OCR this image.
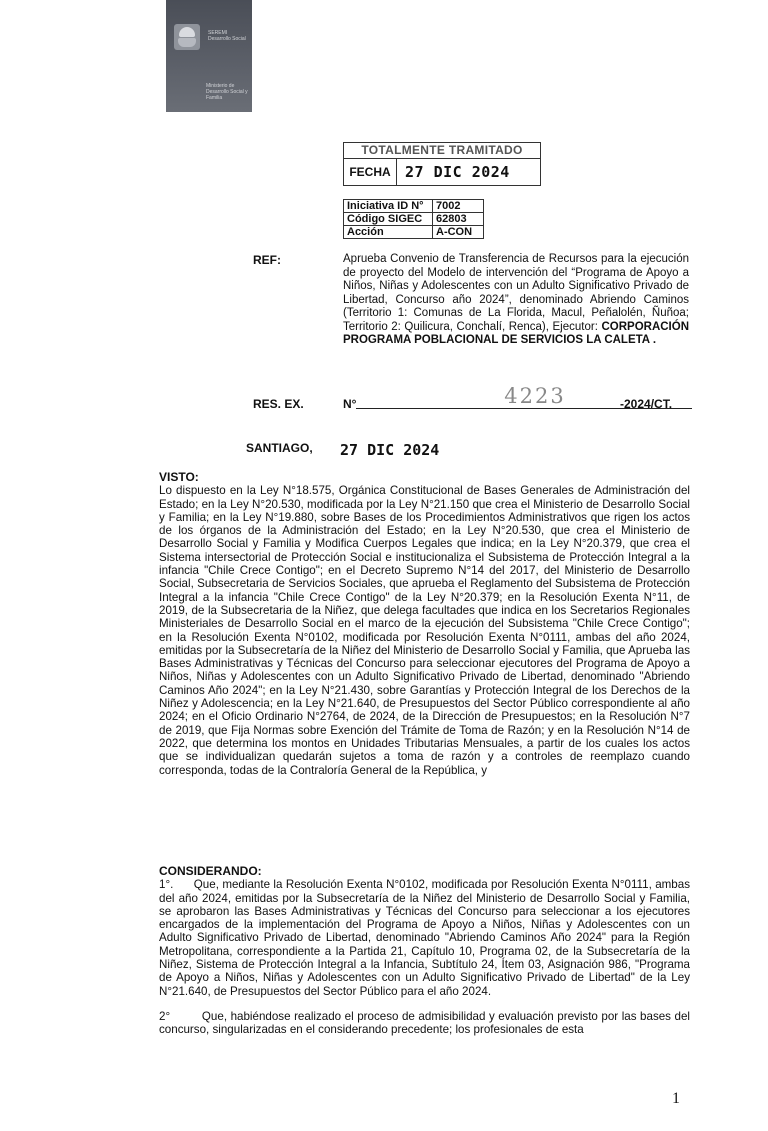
SEREMI Desarrollo Social
Ministerio de Desarrollo Social y Familia
TOTALMENTE TRAMITADO
FECHA 27 DIC 2024
Iniciativa ID N°	7002
Código SIGEC	62803
Acción	A-CON
REF:	Aprueba Convenio de Transferencia de Recursos para la ejecución de proyecto del Modelo de intervención del “Programa de Apoyo a Niños, Niñas y Adolescentes con un Adulto Significativo Privado de Libertad, Concurso año 2024”, denominado Abriendo Caminos (Territorio 1: Comunas de La Florida, Macul, Peñalolén, Ñuñoa; Territorio 2: Quilicura, Conchalí, Renca), Ejecutor: CORPORACIÓN PROGRAMA POBLACIONAL DE SERVICIOS LA CALETA .
RES. EX.	N°	4223	-2024/CT.
SANTIAGO, 27 DIC 2024
VISTO:
Lo dispuesto en la Ley N°18.575, Orgánica Constitucional de Bases Generales de Administración del Estado; en la Ley N°20.530, modificada por la Ley N°21.150 que crea el Ministerio de Desarrollo Social y Familia; en la Ley N°19.880, sobre Bases de los Procedimientos Administrativos que rigen los actos de los órganos de la Administración del Estado; en la Ley N°20.530, que crea el Ministerio de Desarrollo Social y Familia y Modifica Cuerpos Legales que indica; en la Ley N°20.379, que crea el Sistema intersectorial de Protección Social e institucionaliza el Subsistema de Protección Integral a la infancia "Chile Crece Contigo"; en el Decreto Supremo N°14 del 2017, del Ministerio de Desarrollo Social, Subsecretaria de Servicios Sociales, que aprueba el Reglamento del Subsistema de Protección Integral a la infancia "Chile Crece Contigo" de la Ley N°20.379; en la Resolución Exenta N°11, de 2019, de la Subsecretaria de la Niñez, que delega facultades que indica en los Secretarios Regionales Ministeriales de Desarrollo Social en el marco de la ejecución del Subsistema "Chile Crece Contigo"; en la Resolución Exenta N°0102, modificada por Resolución Exenta N°0111, ambas del año 2024, emitidas por la Subsecretaría de la Niñez del Ministerio de Desarrollo Social y Familia, que Aprueba las Bases Administrativas y Técnicas del Concurso para seleccionar ejecutores del Programa de Apoyo a Niños, Niñas y Adolescentes con un Adulto Significativo Privado de Libertad, denominado "Abriendo Caminos Año 2024"; en la Ley N°21.430, sobre Garantías y Protección Integral de los Derechos de la Niñez y Adolescencia; en la Ley N°21.640, de Presupuestos del Sector Público correspondiente al año 2024; en el Oficio Ordinario N°2764, de 2024, de la Dirección de Presupuestos; en la Resolución N°7 de 2019, que Fija Normas sobre Exención del Trámite de Toma de Razón; y en la Resolución N°14 de 2022, que determina los montos en Unidades Tributarias Mensuales, a partir de los cuales los actos que se individualizan quedarán sujetos a toma de razón y a controles de reemplazo cuando corresponda, todas de la Contraloría General de la República, y
CONSIDERANDO:
1°. Que, mediante la Resolución Exenta N°0102, modificada por Resolución Exenta N°0111, ambas del año 2024, emitidas por la Subsecretaría de la Niñez del Ministerio de Desarrollo Social y Familia, se aprobaron las Bases Administrativas y Técnicas del Concurso para seleccionar a los ejecutores encargados de la implementación del Programa de Apoyo a Niños, Niñas y Adolescentes con un Adulto Significativo Privado de Libertad, denominado "Abriendo Caminos Año 2024" para la Región Metropolitana, correspondiente a la Partida 21, Capítulo 10, Programa 02, de la Subsecretaría de la Niñez, Sistema de Protección Integral a la Infancia, Subtítulo 24, Ítem 03, Asignación 986, "Programa de Apoyo a Niños, Niñas y Adolescentes con un Adulto Significativo Privado de Libertad" de la Ley N°21.640, de Presupuestos del Sector Público para el año 2024.
2°	Que, habiéndose realizado el proceso de admisibilidad y evaluación previsto por las bases del concurso, singularizadas en el considerando precedente; los profesionales de esta
1
